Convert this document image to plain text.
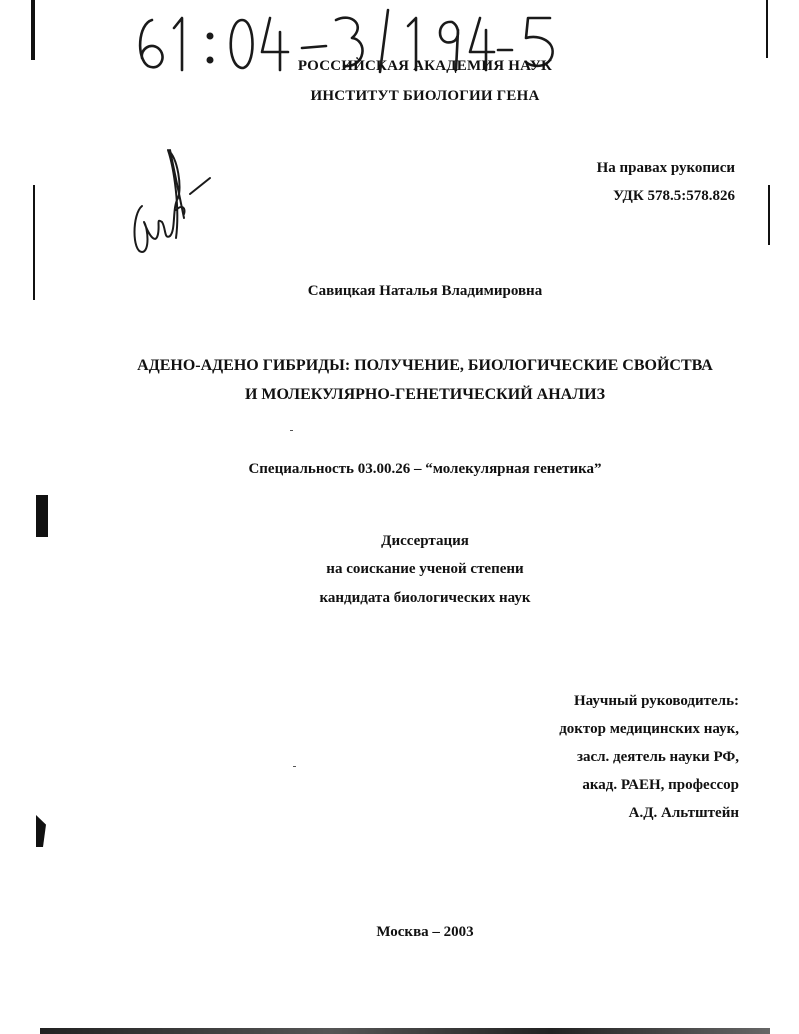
РОССИЙСКАЯ АКАДЕМИЯ НАУК
ИНСТИТУТ БИОЛОГИИ ГЕНА
На правах рукописи
УДК 578.5:578.826
Савицкая Наталья Владимировна
АДЕНО-АДЕНО ГИБРИДЫ: ПОЛУЧЕНИЕ, БИОЛОГИЧЕСКИЕ СВОЙСТВА
И МОЛЕКУЛЯРНО-ГЕНЕТИЧЕСКИЙ АНАЛИЗ
Специальность 03.00.26 – “молекулярная генетика”
Диссертация
на соискание ученой степени
кандидата биологических наук
Научный руководитель:
доктор медицинских наук,
засл. деятель науки РФ,
акад. РАЕН, профессор
А.Д. Альтштейн
Москва – 2003
